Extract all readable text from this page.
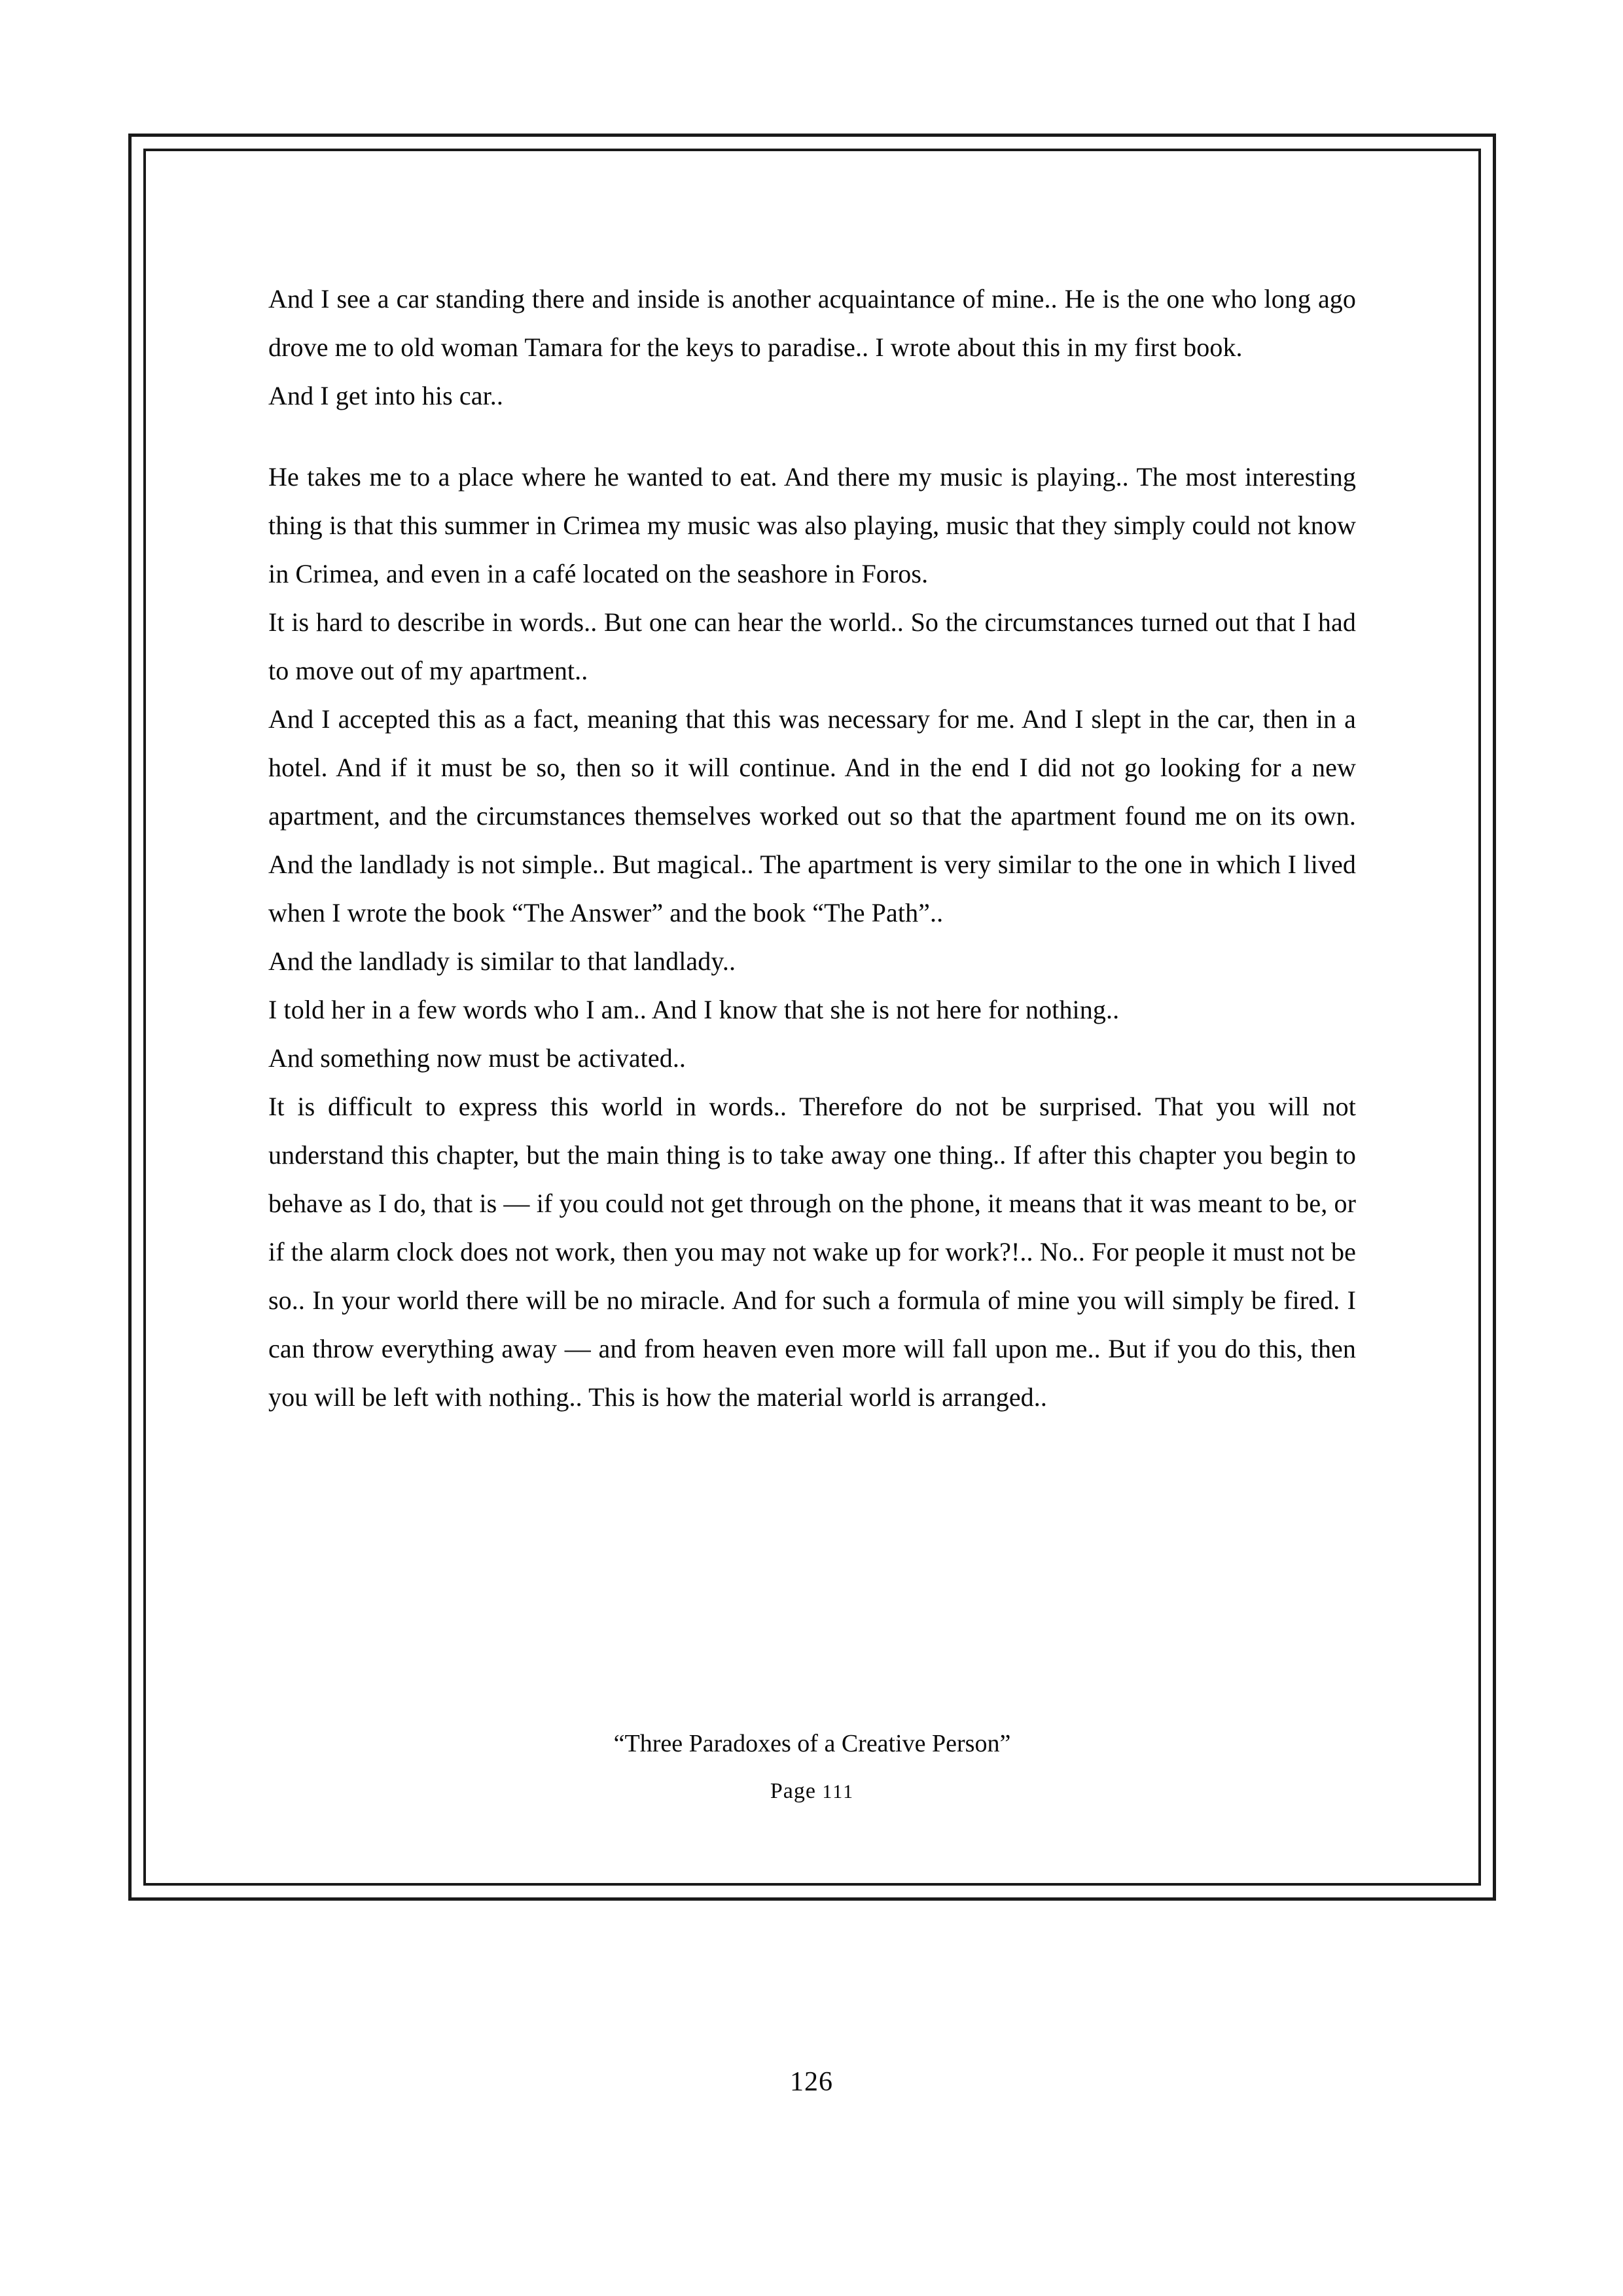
And I see a car standing there and inside is another acquaintance of mine.. He is the one who long ago drove me to old woman Tamara for the keys to paradise.. I wrote about this in my first book.

And I get into his car..

He takes me to a place where he wanted to eat. And there my music is playing.. The most interesting thing is that this summer in Crimea my music was also playing, music that they simply could not know in Crimea, and even in a café located on the seashore in Foros.

It is hard to describe in words.. But one can hear the world.. So the circumstances turned out that I had to move out of my apartment..

And I accepted this as a fact, meaning that this was necessary for me. And I slept in the car, then in a hotel. And if it must be so, then so it will continue. And in the end I did not go looking for a new apartment, and the circumstances themselves worked out so that the apartment found me on its own. And the landlady is not simple.. But magical.. The apartment is very similar to the one in which I lived when I wrote the book “The Answer” and the book “The Path”..

And the landlady is similar to that landlady..

I told her in a few words who I am.. And I know that she is not here for nothing..

And something now must be activated..

It is difficult to express this world in words.. Therefore do not be surprised. That you will not understand this chapter, but the main thing is to take away one thing.. If after this chapter you begin to behave as I do, that is — if you could not get through on the phone, it means that it was meant to be, or if the alarm clock does not work, then you may not wake up for work?!.. No.. For people it must not be so.. In your world there will be no miracle. And for such a formula of mine you will simply be fired. I can throw everything away — and from heaven even more will fall upon me.. But if you do this, then you will be left with nothing.. This is how the material world is arranged..

“Three Paradoxes of a Creative Person”

Page 111

126
